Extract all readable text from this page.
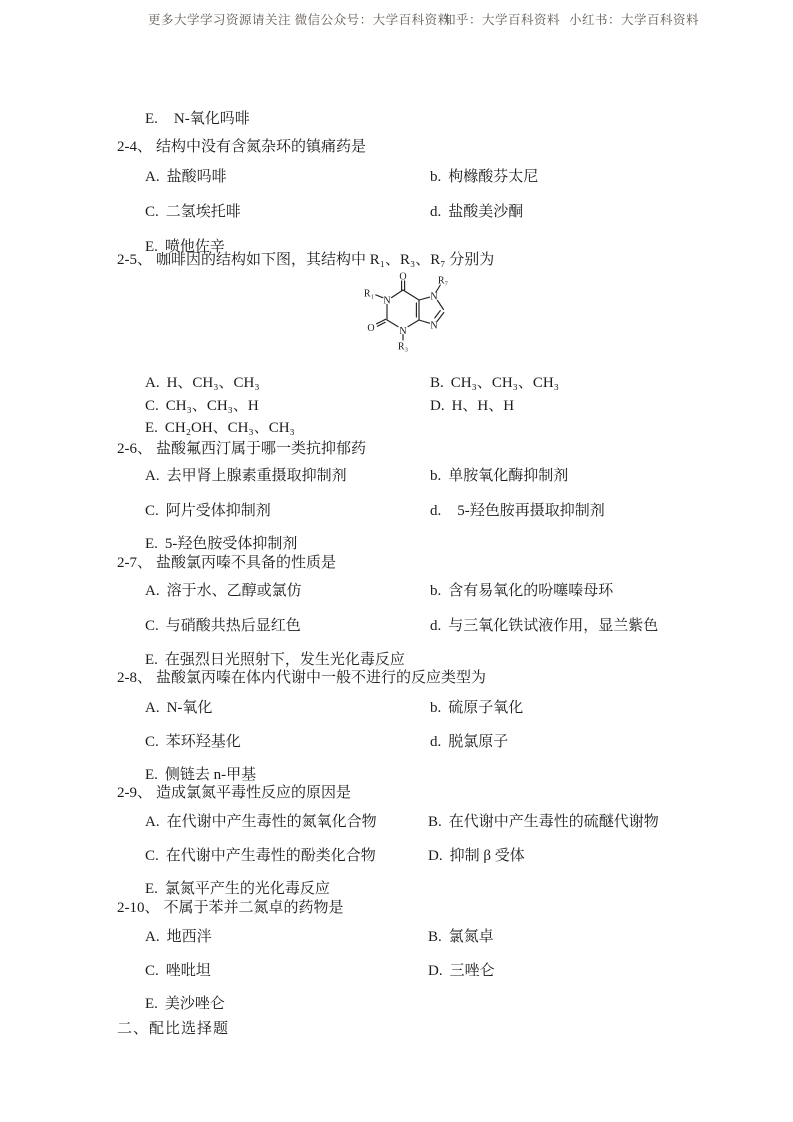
更多大学学习资源请关注 微信公众号：大学百科资料
知乎：大学百科资料 小红书：大学百科资料
E. N-氧化吗啡
2-4、 结构中没有含氮杂环的镇痛药是
A. 盐酸吗啡	b. 枸橼酸芬太尼
C. 二氢埃托啡	d. 盐酸美沙酮
E. 喷他佐辛
2-5、 咖啡因的结构如下图，其结构中 R₁、R₃、R₇ 分别为
O
O
N
N
N
N
R₁
R₃
R₇
A. H、CH₃、CH₃	B. CH₃、CH₃、CH₃
C. CH₃、CH₃、H	D. H、H、H
E. CH₂OH、CH₃、CH₃
2-6、 盐酸氟西汀属于哪一类抗抑郁药
A. 去甲肾上腺素重摄取抑制剂	b. 单胺氧化酶抑制剂
C. 阿片受体抑制剂	d. 5-羟色胺再摄取抑制剂
E. 5-羟色胺受体抑制剂
2-7、 盐酸氯丙嗪不具备的性质是
A. 溶于水、乙醇或氯仿	b. 含有易氧化的吩噻嗪母环
C. 与硝酸共热后显红色	d. 与三氧化铁试液作用，显兰紫色
E. 在强烈日光照射下，发生光化毒反应
2-8、 盐酸氯丙嗪在体内代谢中一般不进行的反应类型为
A. N-氧化	b. 硫原子氧化
C. 苯环羟基化	d. 脱氯原子
E. 侧链去 n-甲基
2-9、 造成氯氮平毒性反应的原因是
A. 在代谢中产生毒性的氮氧化合物	B. 在代谢中产生毒性的硫醚代谢物
C. 在代谢中产生毒性的酚类化合物	D. 抑制 β 受体
E. 氯氮平产生的光化毒反应
2-10、 不属于苯并二氮卓的药物是
A. 地西泮	B. 氯氮卓
C. 唑吡坦	D. 三唑仑
E. 美沙唑仑
二、配比选择题
